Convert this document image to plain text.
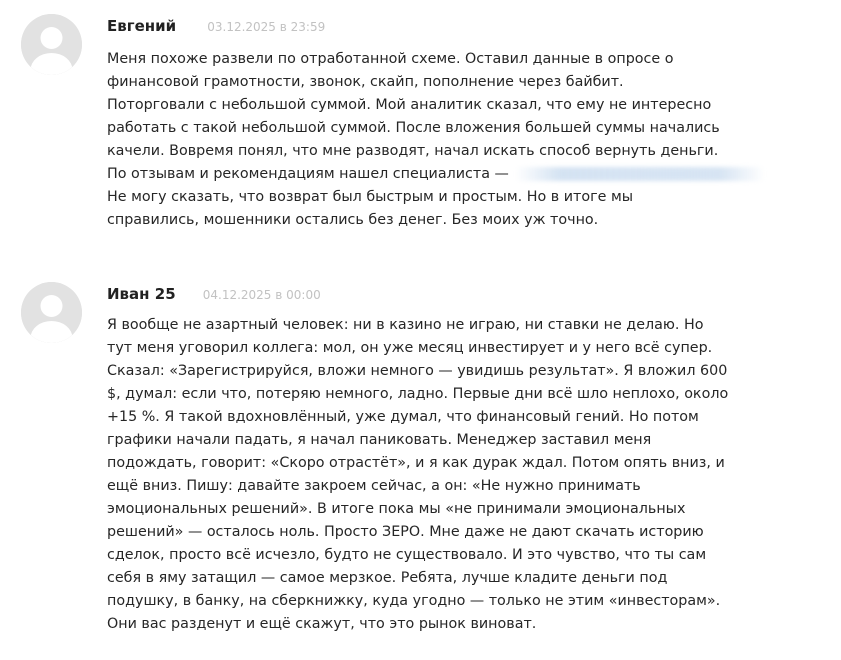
Евгений	03.12.2025 в 23:59
Меня похоже развели по отработанной схеме. Оставил данные в опросе о
финансовой грамотности, звонок, скайп, пополнение через байбит.
Поторговали с небольшой суммой. Мой аналитик сказал, что ему не интересно
работать с такой небольшой суммой. После вложения большей суммы начались
качели. Вовремя понял, что мне разводят, начал искать способ вернуть деньги.
По отзывам и рекомендациям нашел специалиста —
Не могу сказать, что возврат был быстрым и простым. Но в итоге мы
справились, мошенники остались без денег. Без моих уж точно.
Иван 25 04.12.2025 в 00:00
Я вообще не азартный человек: ни в казино не играю, ни ставки не делаю. Но
тут меня уговорил коллега: мол, он уже месяц инвестирует и у него всё супер.
Сказал: «Зарегистрируйся, вложи немного — увидишь результат». Я вложил 600
$, думал: если что, потеряю немного, ладно. Первые дни всё шло неплохо, около
+15 %. Я такой вдохновлённый, уже думал, что финансовый гений. Но потом
графики начали падать, я начал паниковать. Менеджер заставил меня
подождать, говорит: «Скоро отрастёт», и я как дурак ждал. Потом опять вниз, и
ещё вниз. Пишу: давайте закроем сейчас, а он: «Не нужно принимать
эмоциональных решений». В итоге пока мы «не принимали эмоциональных
решений» — осталось ноль. Просто ЗЕРО. Мне даже не дают скачать историю
сделок, просто всё исчезло, будто не существовало. И это чувство, что ты сам
себя в яму затащил — самое мерзкое. Ребята, лучше кладите деньги под
подушку, в банку, на сберкнижку, куда угодно — только не этим «инвесторам».
Они вас разденут и ещё скажут, что это рынок виноват.
